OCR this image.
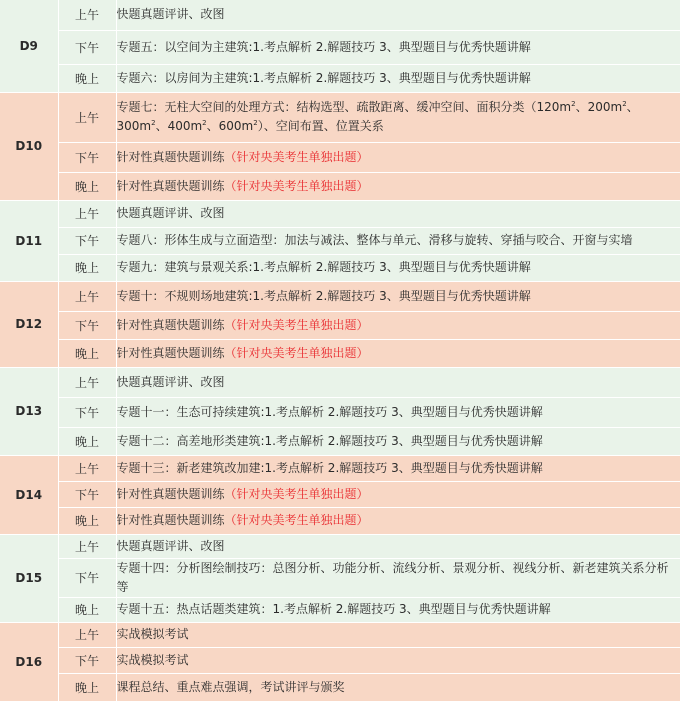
D9	上午	快题真题评讲、改图
	下午	专题五：以空间为主建筑:1.考点解析 2.解题技巧 3、典型题目与优秀快题讲解
	晚上	专题六：以房间为主建筑:1.考点解析 2.解题技巧 3、典型题目与优秀快题讲解
D10	上午	专题七：无柱大空间的处理方式：结构选型、疏散距离、缓冲空间、面积分类（$120m^2$、$200m^2$、$300m^2$、$400m^2$、$600m^2$）、空间布置、位置关系
	下午	针对性真题快题训练（针对央美考生单独出题）
	晚上	针对性真题快题训练（针对央美考生单独出题）
D11	上午	快题真题评讲、改图
	下午	专题八：形体生成与立面造型：加法与减法、整体与单元、滑移与旋转、穿插与咬合、开窗与实墙
	晚上	专题九：建筑与景观关系:1.考点解析 2.解题技巧 3、典型题目与优秀快题讲解
D12	上午	专题十：不规则场地建筑:1.考点解析 2.解题技巧 3、典型题目与优秀快题讲解
	下午	针对性真题快题训练（针对央美考生单独出题）
	晚上	针对性真题快题训练（针对央美考生单独出题）
D13	上午	快题真题评讲、改图
	下午	专题十一：生态可持续建筑:1.考点解析 2.解题技巧 3、典型题目与优秀快题讲解
	晚上	专题十二：高差地形类建筑:1.考点解析 2.解题技巧 3、典型题目与优秀快题讲解
D14	上午	专题十三：新老建筑改加建:1.考点解析 2.解题技巧 3、典型题目与优秀快题讲解
	下午	针对性真题快题训练（针对央美考生单独出题）
	晚上	针对性真题快题训练（针对央美考生单独出题）
D15	上午	快题真题评讲、改图
	下午	专题十四：分析图绘制技巧：总图分析、功能分析、流线分析、景观分析、视线分析、新老建筑关系分析等
	晚上	专题十五：热点话题类建筑：1.考点解析 2.解题技巧 3、典型题目与优秀快题讲解
D16	上午	实战模拟考试
	下午	实战模拟考试
	晚上	课程总结、重点难点强调，考试讲评与颁奖
